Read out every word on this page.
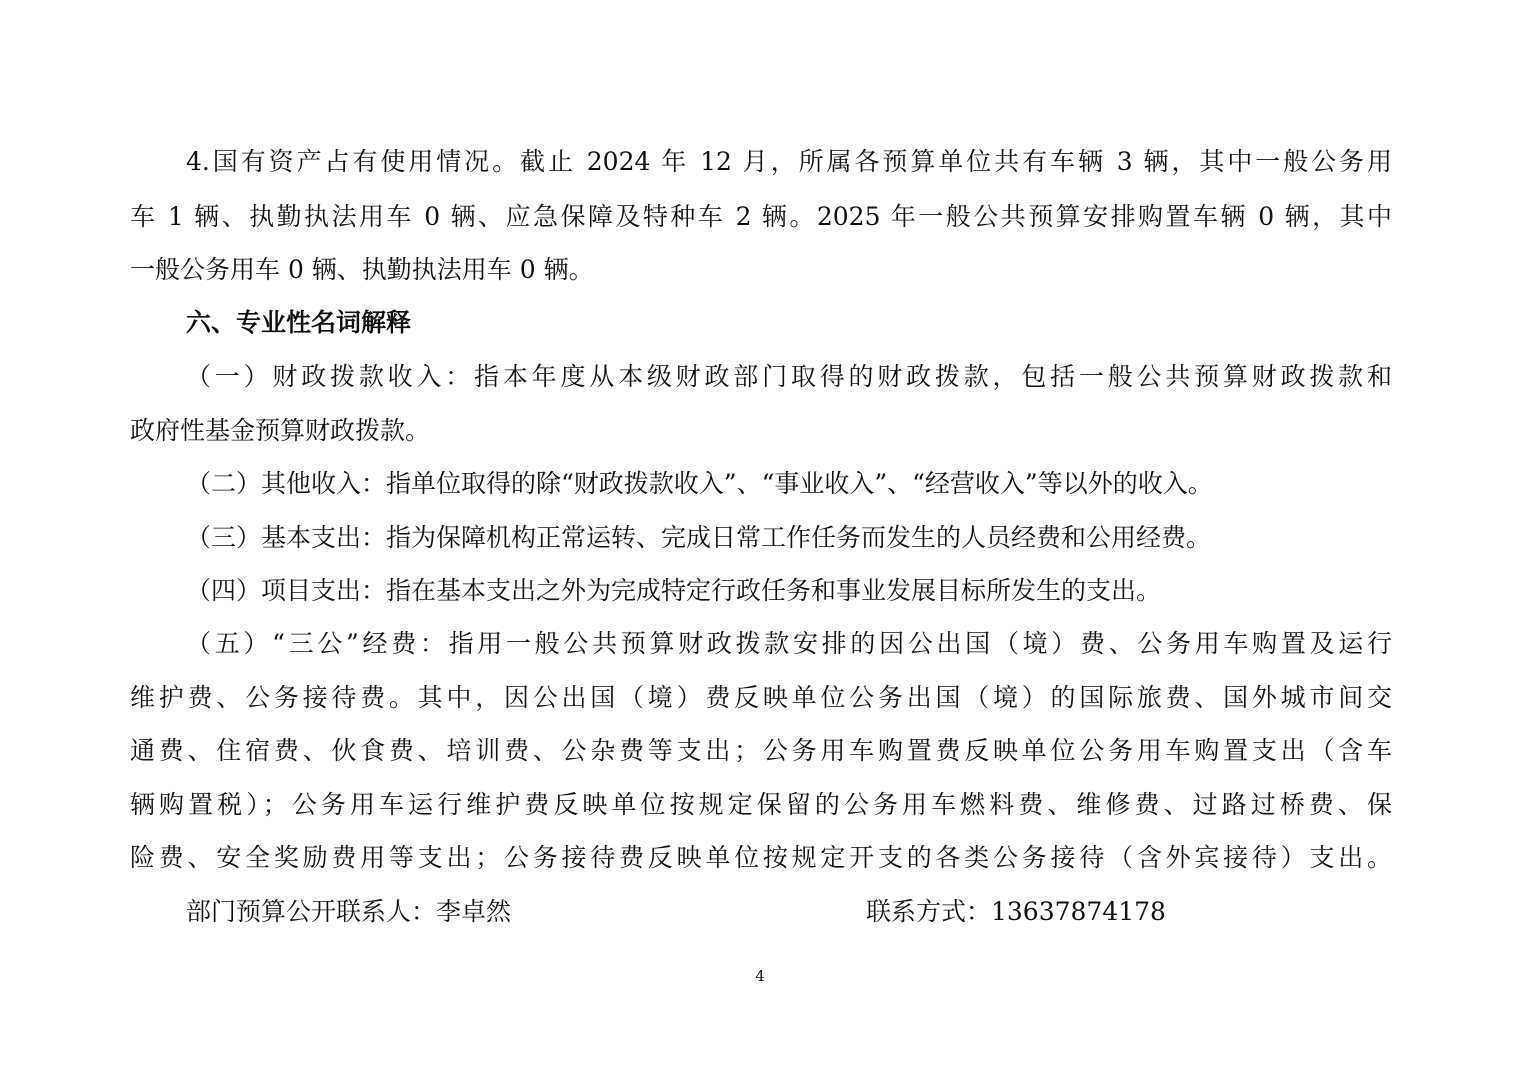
4.国有资产占有使用情况。截止 2024 年 12 月，所属各预算单位共有车辆 3 辆，其中一般公务用
车 1 辆、执勤执法用车 0 辆、应急保障及特种车 2 辆。2025 年一般公共预算安排购置车辆 0 辆，其中
一般公务用车 0 辆、执勤执法用车 0 辆。
六、专业性名词解释
（一）财政拨款收入：指本年度从本级财政部门取得的财政拨款，包括一般公共预算财政拨款和
政府性基金预算财政拨款。
（二）其他收入：指单位取得的除“财政拨款收入”、“事业收入”、“经营收入”等以外的收入。
（三）基本支出：指为保障机构正常运转、完成日常工作任务而发生的人员经费和公用经费。
（四）项目支出：指在基本支出之外为完成特定行政任务和事业发展目标所发生的支出。
（五）“三公”经费：指用一般公共预算财政拨款安排的因公出国（境）费、公务用车购置及运行
维护费、公务接待费。其中，因公出国（境）费反映单位公务出国（境）的国际旅费、国外城市间交
通费、住宿费、伙食费、培训费、公杂费等支出；公务用车购置费反映单位公务用车购置支出（含车
辆购置税）；公务用车运行维护费反映单位按规定保留的公务用车燃料费、维修费、过路过桥费、保
险费、安全奖励费用等支出；公务接待费反映单位按规定开支的各类公务接待（含外宾接待）支出。
部门预算公开联系人：李卓然	联系方式：13637874178
4
